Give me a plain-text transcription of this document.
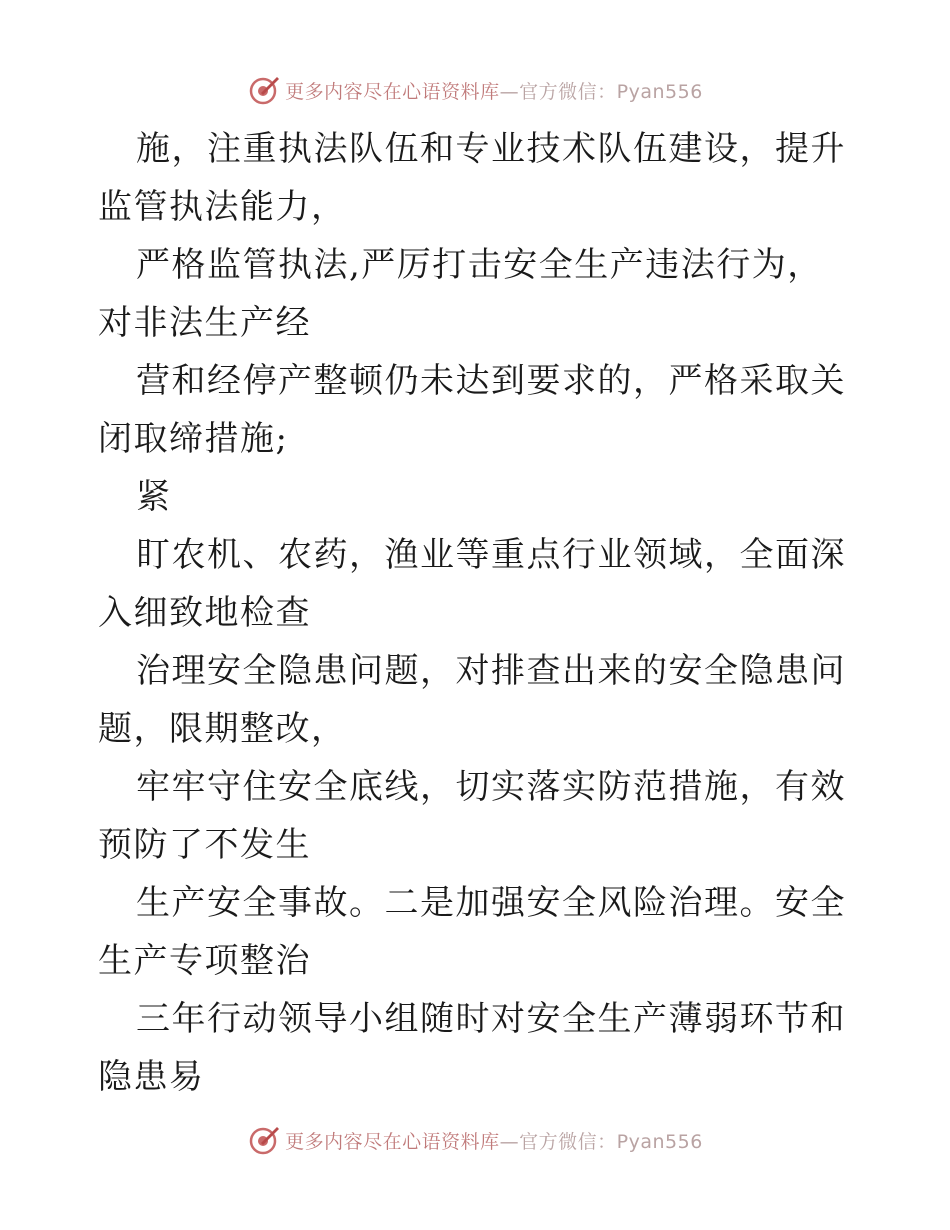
更多内容尽在心语资料库 —官方微信：Pyan556

施，注重执法队伍和专业技术队伍建设，提升监管执法能力，

严格监管执法,严厉打击安全生产违法行为，对非法生产经

营和经停产整顿仍未达到要求的，严格采取关闭取缔措施;

紧

盯农机、农药，渔业等重点行业领域，全面深入细致地检查

治理安全隐患问题，对排查出来的安全隐患问题，限期整改，

牢牢守住安全底线，切实落实防范措施，有效预防了不发生

生产安全事故。二是加强安全风险治理。安全生产专项整治

三年行动领导小组随时对安全生产薄弱环节和隐患易

更多内容尽在心语资料库 —官方微信：Pyan556
